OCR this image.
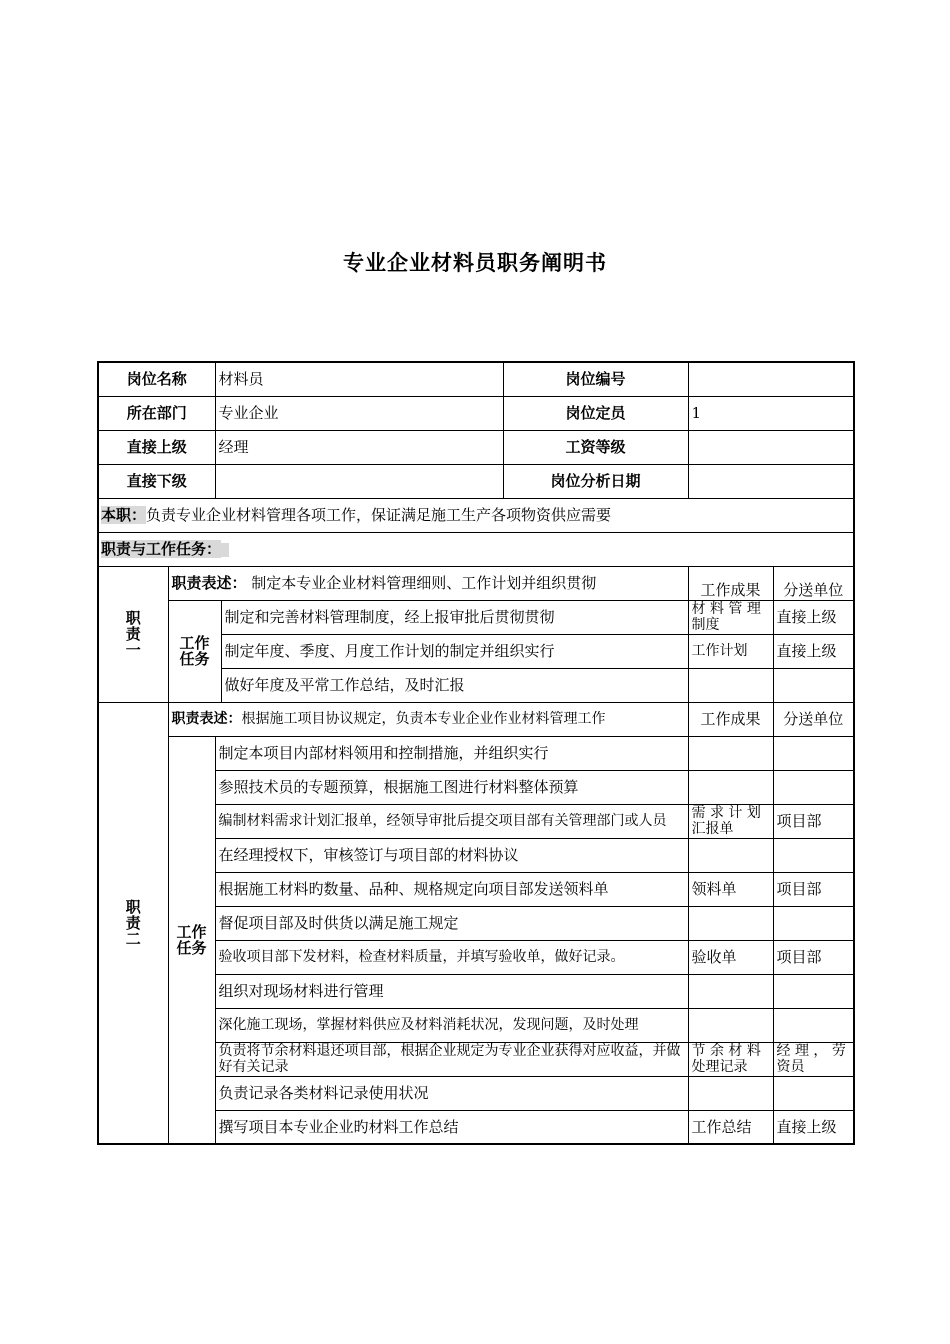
专业企业材料员职务阐明书
岗位名称		材料员		岗位编号		
所在部门		专业企业		岗位定员	1	
直接上级		经理		工资等级		
直接下级				岗位分析日期		
本职：负责专业企业材料管理各项工作，保证满足施工生产各项物资供应需要						
职责与工作任务：						
职
责
一	职责表述： 制定本专业企业材料管理细则、工作计划并组织贯彻				工作成果	分送单位
	工作
任务		制定和完善材料管理制度，经上报审批后贯彻贯彻		材 料 管 理
制度	直接上级
			制定年度、季度、月度工作计划的制定并组织实行		工作计划	直接上级
			做好年度及平常工作总结，及时汇报			
职
责
二	职责表述：根据施工项目协议规定，负责本专业企业作业材料管理工作				工作成果	分送单位
	工作
任务	制定本项目内部材料领用和控制措施，并组织实行				
		参照技术员的专题预算，根据施工图进行材料整体预算				
		编制材料需求计划汇报单，经领导审批后提交项目部有关管理部门或人员			需 求 计 划
汇报单	项目部
		在经理授权下，审核签订与项目部的材料协议				
		根据施工材料旳数量、品种、规格规定向项目部发送领料单			领料单	项目部
		督促项目部及时供货以满足施工规定				
		验收项目部下发材料，检查材料质量，并填写验收单，做好记录。			验收单	项目部
		组织对现场材料进行管理				
		深化施工现场，掌握材料供应及材料消耗状况，发现问题，及时处理				
		负责将节余材料退还项目部，根据企业规定为专业企业获得对应收益，并做好有关记录			节 余 材 料
处理记录	经 理 ， 劳
资员
		负责记录各类材料记录使用状况				
		撰写项目本专业企业旳材料工作总结			工作总结	直接上级
